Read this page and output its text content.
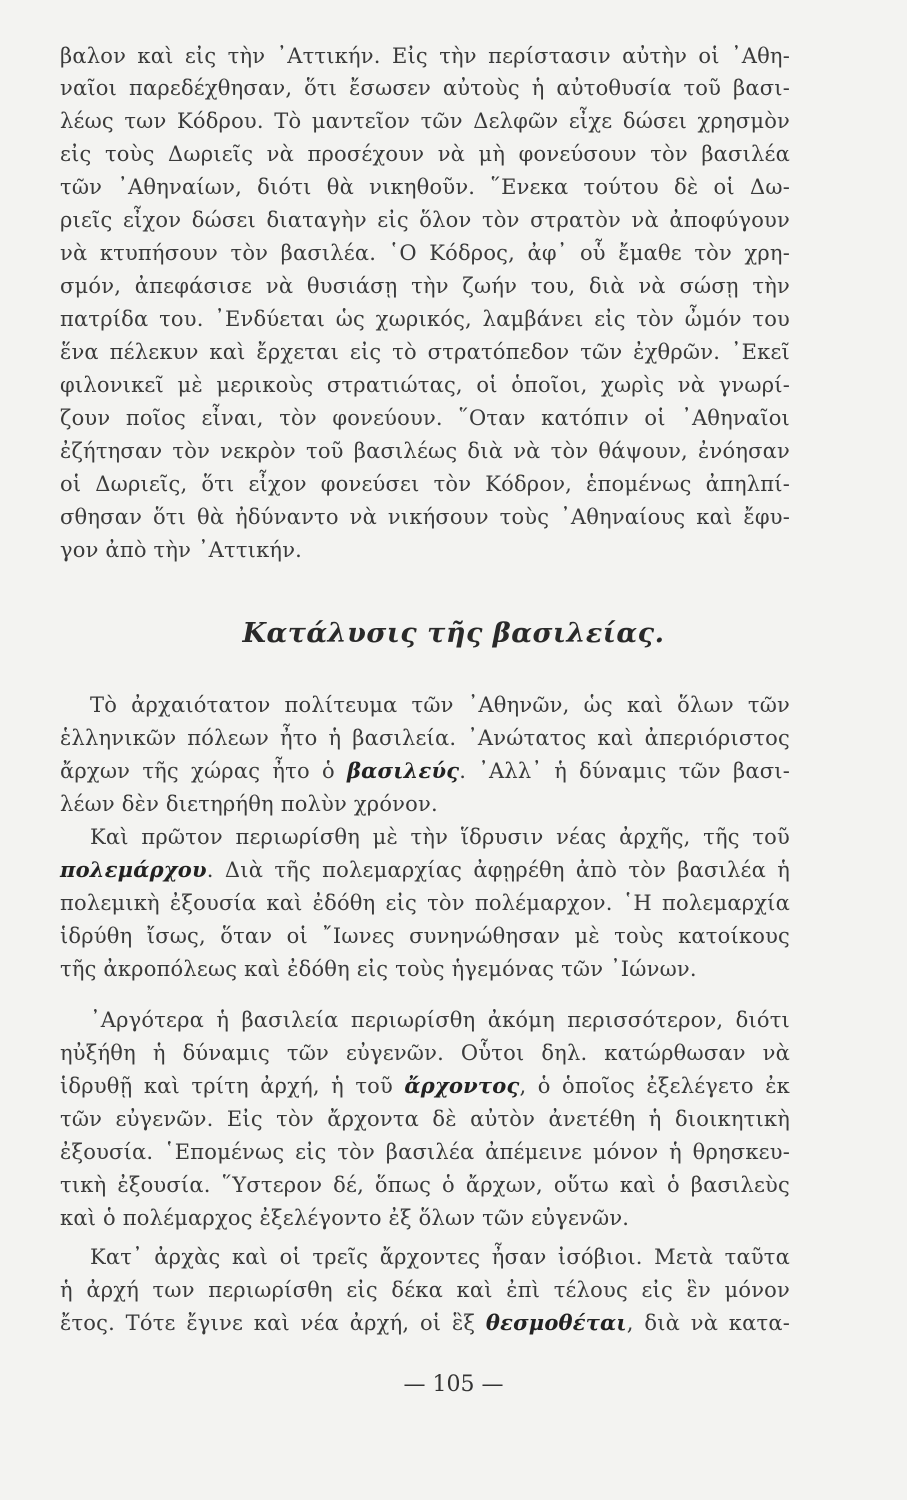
βαλον καὶ εἰς τὴν ᾿Αττικήν. Εἰς τὴν περίστασιν αὐτὴν οἱ ᾿Αθη-
ναῖοι παρεδέχθησαν, ὅτι ἔσωσεν αὐτοὺς ἡ αὐτοθυσία τοῦ βασι-
λέως των Κόδρου. Τὸ μαντεῖον τῶν Δελφῶν εἶχε δώσει χρησμὸν
εἰς τοὺς Δωριεῖς νὰ προσέχουν νὰ μὴ φονεύσουν τὸν βασιλέα
τῶν ᾿Αθηναίων, διότι θὰ νικηθοῦν. ῞Ενεκα τούτου δὲ οἱ Δω-
ριεῖς εἶχον δώσει διαταγὴν εἰς ὅλον τὸν στρατὸν νὰ ἀποφύγουν
νὰ κτυπήσουν τὸν βασιλέα. ῾Ο Κόδρος, ἀφ᾿ οὗ ἔμαθε τὸν χρη-
σμόν, ἀπεφάσισε νὰ θυσιάσῃ τὴν ζωήν του, διὰ νὰ σώσῃ τὴν
πατρίδα του. ᾿Ενδύεται ὡς χωρικός, λαμβάνει εἰς τὸν ὦμόν του
ἕνα πέλεκυν καὶ ἔρχεται εἰς τὸ στρατόπεδον τῶν ἐχθρῶν. ᾿Εκεῖ
φιλονικεῖ μὲ μερικοὺς στρατιώτας, οἱ ὁποῖοι, χωρὶς νὰ γνωρί-
ζουν ποῖος εἶναι, τὸν φονεύουν. ῞Οταν κατόπιν οἱ ᾿Αθηναῖοι
ἐζήτησαν τὸν νεκρὸν τοῦ βασιλέως διὰ νὰ τὸν θάψουν, ἐνόησαν
οἱ Δωριεῖς, ὅτι εἶχον φονεύσει τὸν Κόδρον, ἑπομένως ἀπηλπί-
σθησαν ὅτι θὰ ἠδύναντο νὰ νικήσουν τοὺς ᾿Αθηναίους καὶ ἔφυ-
γον ἀπὸ τὴν ᾿Αττικήν.
Κατάλυσις τῆς βασιλείας.
Τὸ ἀρχαιότατον πολίτευμα τῶν ᾿Αθηνῶν, ὡς καὶ ὅλων τῶν
ἑλληνικῶν πόλεων ἦτο ἡ βασιλεία. ᾿Ανώτατος καὶ ἀπεριόριστος
ἄρχων τῆς χώρας ἦτο ὁ βασιλεύς. ᾿Αλλ᾿ ἡ δύναμις τῶν βασι-
λέων δὲν διετηρήθη πολὺν χρόνον.
Καὶ πρῶτον περιωρίσθη μὲ τὴν ἵδρυσιν νέας ἀρχῆς, τῆς τοῦ
πολεμάρχου. Διὰ τῆς πολεμαρχίας ἀφῃρέθη ἀπὸ τὸν βασιλέα ἡ
πολεμικὴ ἐξουσία καὶ ἐδόθη εἰς τὸν πολέμαρχον. ῾Η πολεμαρχία
ἱδρύθη ἴσως, ὅταν οἱ ῎Ιωνες συνηνώθησαν μὲ τοὺς κατοίκους
τῆς ἀκροπόλεως καὶ ἐδόθη εἰς τοὺς ἡγεμόνας τῶν ᾿Ιώνων.
᾿Αργότερα ἡ βασιλεία περιωρίσθη ἀκόμη περισσότερον, διότι
ηὐξήθη ἡ δύναμις τῶν εὐγενῶν. Οὗτοι δηλ. κατώρθωσαν νὰ
ἱδρυθῇ καὶ τρίτη ἀρχή, ἡ τοῦ ἄρχοντος, ὁ ὁποῖος ἐξελέγετο ἐκ
τῶν εὐγενῶν. Εἰς τὸν ἄρχοντα δὲ αὐτὸν ἀνετέθη ἡ διοικητικὴ
ἐξουσία. ῾Επομένως εἰς τὸν βασιλέα ἀπέμεινε μόνον ἡ θρησκευ-
τικὴ ἐξουσία. ῞Υστερον δέ, ὅπως ὁ ἄρχων, οὕτω καὶ ὁ βασιλεὺς
καὶ ὁ πολέμαρχος ἐξελέγοντο ἐξ ὅλων τῶν εὐγενῶν.
Κατ᾿ ἀρχὰς καὶ οἱ τρεῖς ἄρχοντες ἦσαν ἰσόβιοι. Μετὰ ταῦτα
ἡ ἀρχή των περιωρίσθη εἰς δέκα καὶ ἐπὶ τέλους εἰς ἓν μόνον
ἔτος. Τότε ἔγινε καὶ νέα ἀρχή, οἱ ἓξ θεσμοθέται, διὰ νὰ κατα-
— 105 —
